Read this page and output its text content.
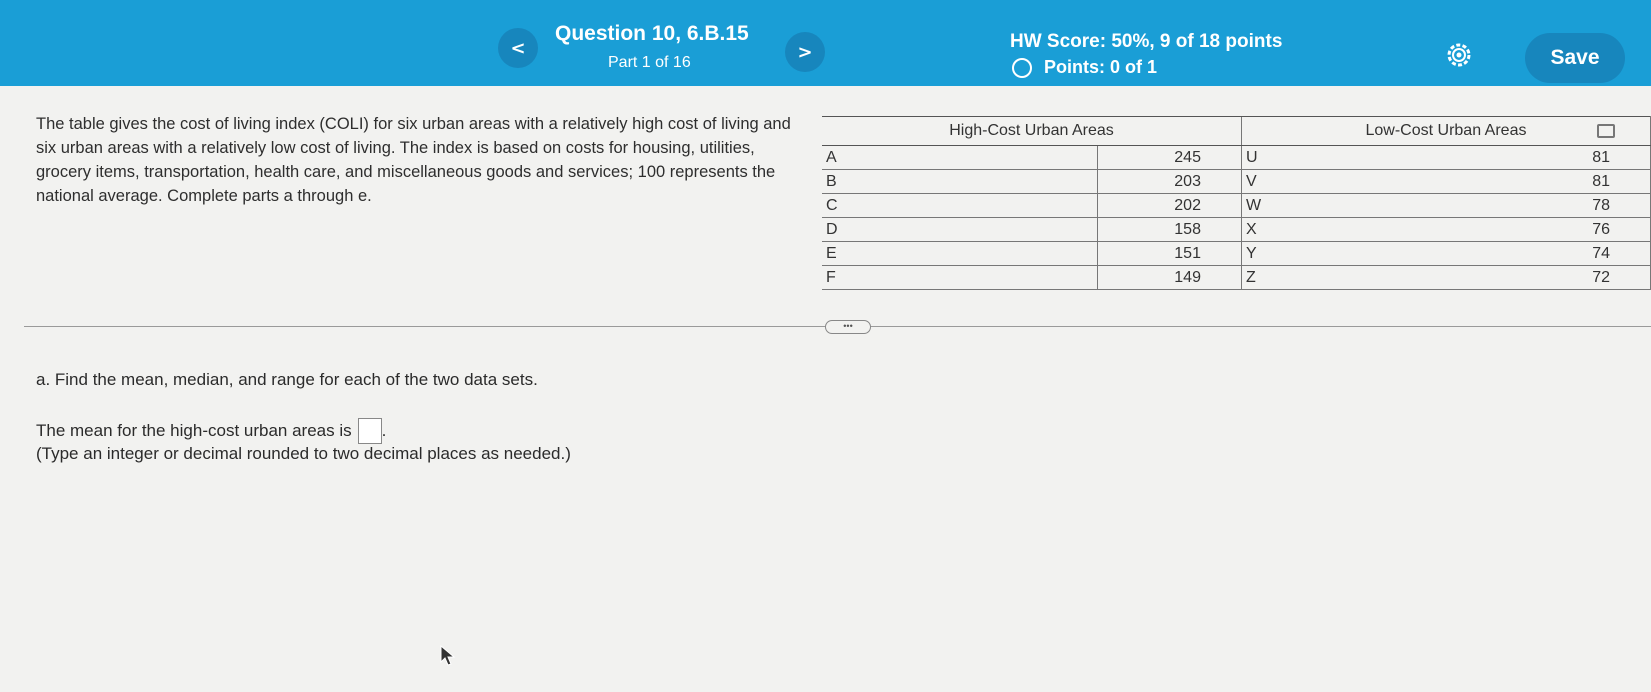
<
Question 10, 6.B.15
Part 1 of 16	>	HW Score: 50%, 9 of 18 points
Points: 0 of 1	Save
The table gives the cost of living index (COLI) for six urban areas with a relatively high cost of living and six urban areas with a relatively low cost of living. The index is based on costs for housing, utilities, grocery items, transportation, health care, and miscellaneous goods and services; 100 represents the national average. Complete parts a through e.
High-Cost Urban Areas		Low-Cost Urban Areas	
A	245	U	81
B	203	V	81
C	202	W	78
D	158	X	76
E	151	Y	74
F	149	Z	72
•••
a. Find the mean, median, and range for each of the two data sets.
The mean for the high-cost urban areas is .
(Type an integer or decimal rounded to two decimal places as needed.)
